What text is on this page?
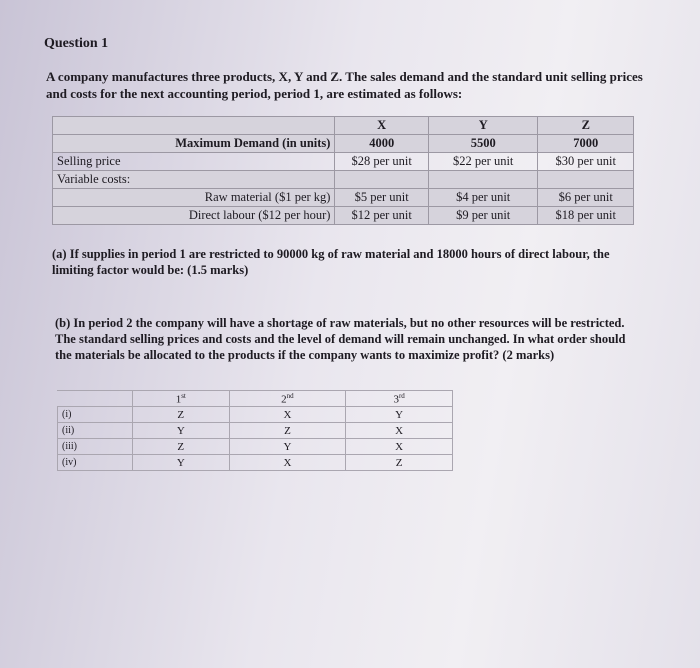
Question 1
A company manufactures three products, X, Y and Z. The sales demand and the standard unit selling prices and costs for the next accounting period, period 1, are estimated as follows:
	X	Y	Z
Maximum Demand (in units)	4000	5500	7000
Selling price	$28 per unit	$22 per unit	$30 per unit
Variable costs:			
Raw material ($1 per kg)	$5 per unit	$4 per unit	$6 per unit
Direct labour ($12 per hour)	$12 per unit	$9 per unit	$18 per unit
(a) If supplies in period 1 are restricted to 90000 kg of raw material and 18000 hours of direct labour, the limiting factor would be: (1.5 marks)
(b) In period 2 the company will have a shortage of raw materials, but no other resources will be restricted. The standard selling prices and costs and the level of demand will remain unchanged. In what order should the materials be allocated to the products if the company wants to maximize profit? (2 marks)
	1st	2nd	3rd
(i)	Z	X	Y
(ii)	Y	Z	X
(iii)	Z	Y	X
(iv)	Y	X	Z
